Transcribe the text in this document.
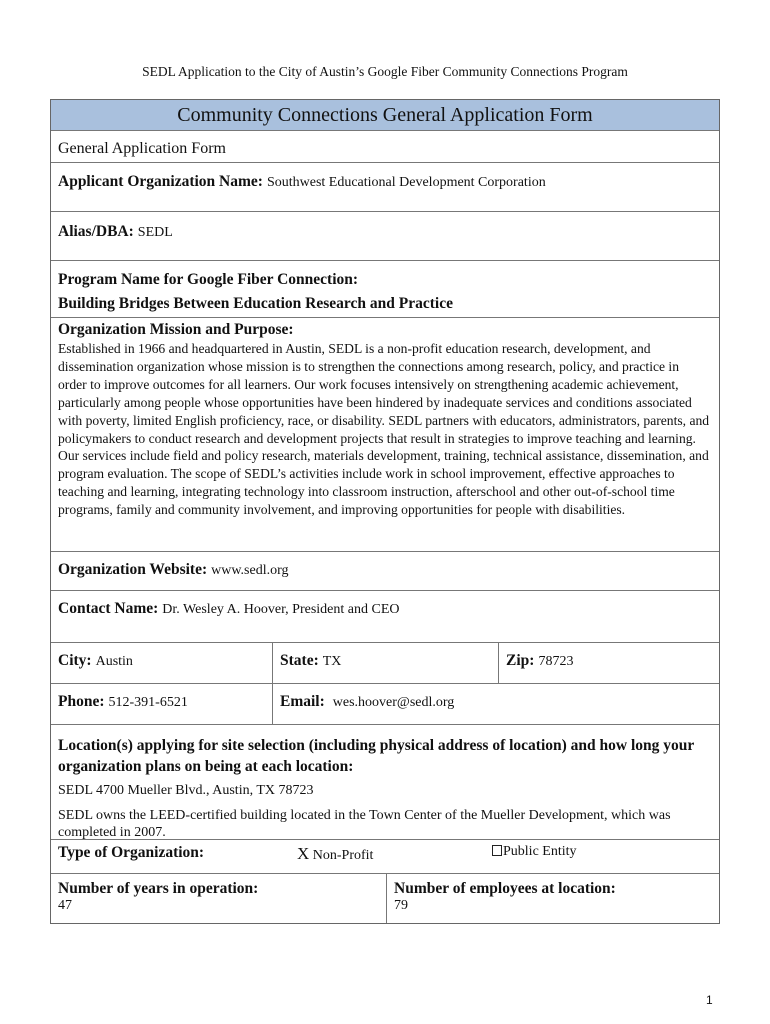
SEDL Application to the City of Austin’s Google Fiber Community Connections Program
Community Connections General Application Form
General Application Form
Applicant Organization Name: Southwest Educational Development Corporation
Alias/DBA: SEDL
Program Name for Google Fiber Connection:
Building Bridges Between Education Research and Practice
Organization Mission and Purpose:
Established in 1966 and headquartered in Austin, SEDL is a non-profit education research, development, and dissemination organization whose mission is to strengthen the connections among research, policy, and practice in order to improve outcomes for all learners. Our work focuses intensively on strengthening academic achievement, particularly among people whose opportunities have been hindered by inadequate services and conditions associated with poverty, limited English proficiency, race, or disability. SEDL partners with educators, administrators, parents, and policymakers to conduct research and development projects that result in strategies to improve teaching and learning. Our services include field and policy research, materials development, training, technical assistance, dissemination, and program evaluation. The scope of SEDL’s activities include work in school improvement, effective approaches to teaching and learning, integrating technology into classroom instruction, afterschool and other out-of-school time programs, family and community involvement, and improving opportunities for people with disabilities.
Organization Website: www.sedl.org
Contact Name: Dr. Wesley A. Hoover, President and CEO
City: Austin	State: TX	Zip: 78723
Phone: 512-391-6521	Email: wes.hoover@sedl.org
Location(s) applying for site selection (including physical address of location) and how long your organization plans on being at each location:
SEDL 4700 Mueller Blvd., Austin, TX 78723
SEDL owns the LEED-certified building located in the Town Center of the Mueller Development, which was completed in 2007.
Type of Organization:	X Non-Profit	Public Entity
Number of years in operation:
47
Number of employees at location:
79
1
